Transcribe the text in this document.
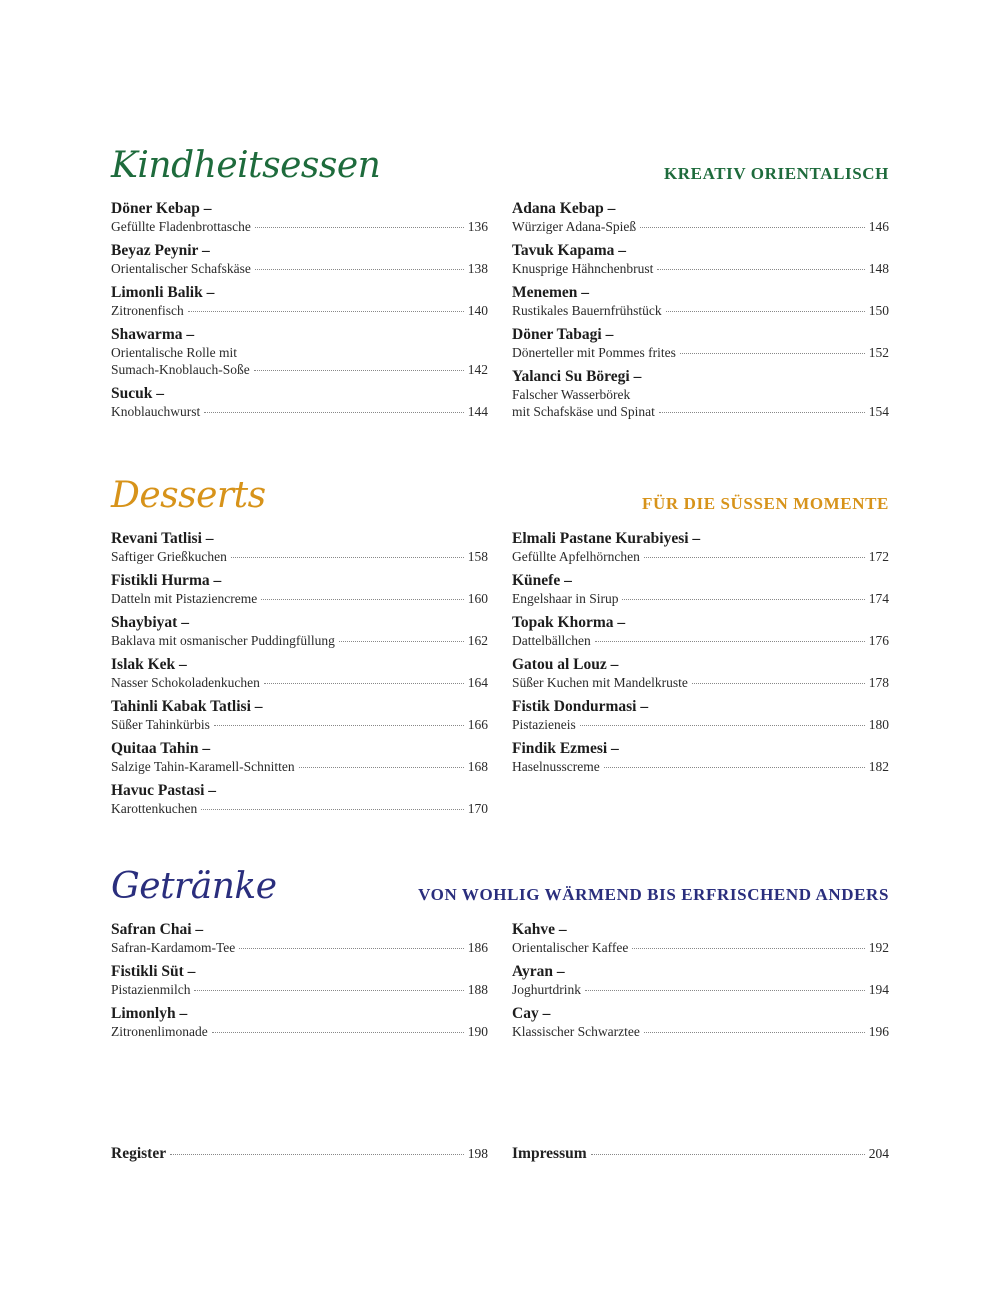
Kindheitsessen	KREATIV ORIENTALISCH
Döner Kebap –
Gefüllte Fladenbrottasche	136
Beyaz Peynir –
Orientalischer Schafskäse	138
Limonli Balik –
Zitronenfisch	140
Shawarma –
Orientalische Rolle mit
Sumach-Knoblauch-Soße	142
Sucuk –
Knoblauchwurst	144
Adana Kebap –
Würziger Adana-Spieß	146
Tavuk Kapama –
Knusprige Hähnchenbrust	148
Menemen –
Rustikales Bauernfrühstück	150
Döner Tabagi –
Dönerteller mit Pommes frites	152
Yalanci Su Böregi –
Falscher Wasserbörek
mit Schafskäse und Spinat	154
Desserts	FÜR DIE SÜSSEN MOMENTE
Revani Tatlisi –
Saftiger Grießkuchen	158
Fistikli Hurma –
Datteln mit Pistaziencreme	160
Shaybiyat –
Baklava mit osmanischer Puddingfüllung	162
Islak Kek –
Nasser Schokoladenkuchen	164
Tahinli Kabak Tatlisi –
Süßer Tahinkürbis	166
Quitaa Tahin –
Salzige Tahin-Karamell-Schnitten	168
Havuc Pastasi –
Karottenkuchen	170
Elmali Pastane Kurabiyesi –
Gefüllte Apfelhörnchen	172
Künefe –
Engelshaar in Sirup	174
Topak Khorma –
Dattelbällchen	176
Gatou al Louz –
Süßer Kuchen mit Mandelkruste	178
Fistik Dondurmasi –
Pistazieneis	180
Findik Ezmesi –
Haselnusscreme	182
Getränke	VON WOHLIG WÄRMEND BIS ERFRISCHEND ANDERS
Safran Chai –
Safran-Kardamom-Tee	186
Fistikli Süt –
Pistazienmilch	188
Limonlyh –
Zitronenlimonade	190
Kahve –
Orientalischer Kaffee	192
Ayran –
Joghurtdrink	194
Cay –
Klassischer Schwarztee	196
Register	198 Impressum	204
